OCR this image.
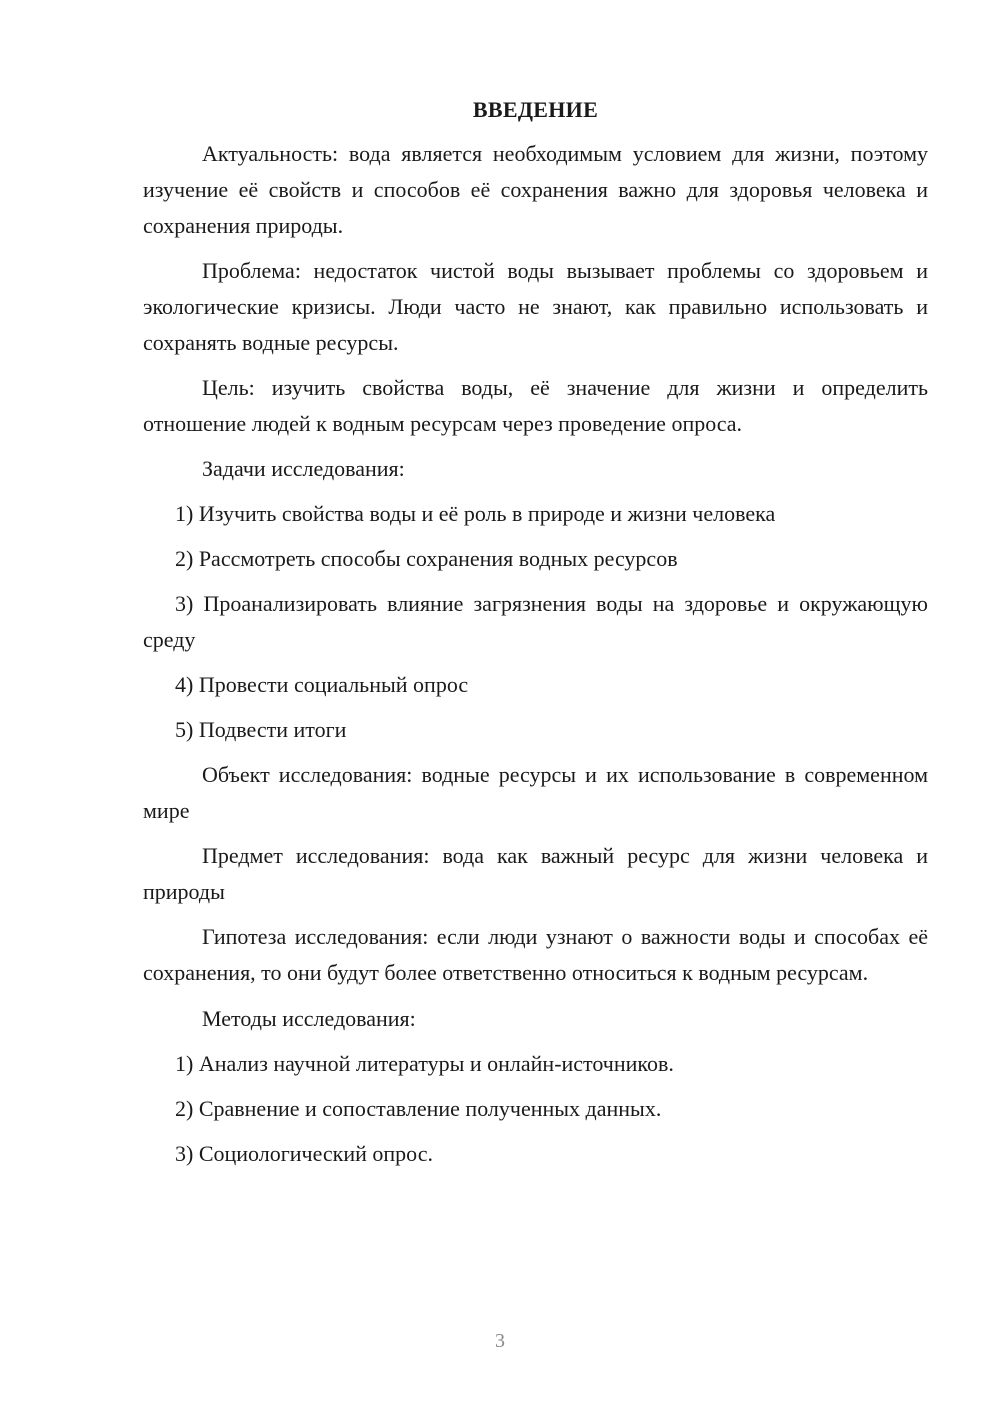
ВВЕДЕНИЕ

Актуальность: вода является необходимым условием для жизни, поэтому изучение её свойств и способов её сохранения важно для здоровья человека и сохранения природы.

Проблема: недостаток чистой воды вызывает проблемы со здоровьем и экологические кризисы. Люди часто не знают, как правильно использовать и сохранять водные ресурсы.

Цель: изучить свойства воды, её значение для жизни и определить отношение людей к водным ресурсам через проведение опроса.

Задачи исследования:

1) Изучить свойства воды и её роль в природе и жизни человека

2) Рассмотреть способы сохранения водных ресурсов

3) Проанализировать влияние загрязнения воды на здоровье и окружающую среду

4) Провести социальный опрос

5) Подвести итоги

Объект исследования: водные ресурсы и их использование в современном мире

Предмет исследования: вода как важный ресурс для жизни человека и природы

Гипотеза исследования: если люди узнают о важности воды и способах её сохранения, то они будут более ответственно относиться к водным ресурсам.

Методы исследования:

1) Анализ научной литературы и онлайн-источников.

2) Сравнение и сопоставление полученных данных.

3) Социологический опрос.

3
